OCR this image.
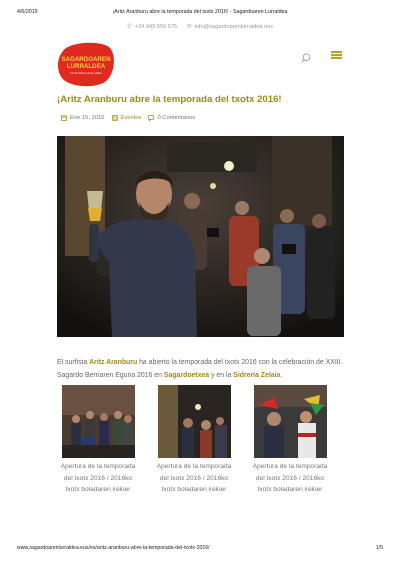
4/6/2019	¡Aritz Aranburu abre la temporada del txotx 2016! - Sagardoaren Lurraldea
✆ +34 943 550 575
✉ info@sagardoarenlurraldea.eus
SAGARDOAREN
LURRALDEA
el territorio de la sidra
¡Aritz Aranburu abre la temporada del txotx 2016!
Ene 15, 2016	Eventos	0 Comentarios

El surfista Aritz Aranburu ha abierto la temporada del txotx 2016 con la celebración de XXIII. Sagardo Berriaren Eguna 2016 en Sagardoetxea y en la Sidrería Zelaia.

Apertura de la temporada del txotx 2016 / 2016ko txotx boladaren irekier
Apertura de la temporada del txotx 2016 / 2016ko txotx boladaren irekier
Apertura de la temporada del txotx 2016 / 2016ko txotx boladaren irekier
www.sagardoarenlurraldea.eus/es/aritz-aranburu-abre-la-temporada-del-txotx-2016/	1/5
